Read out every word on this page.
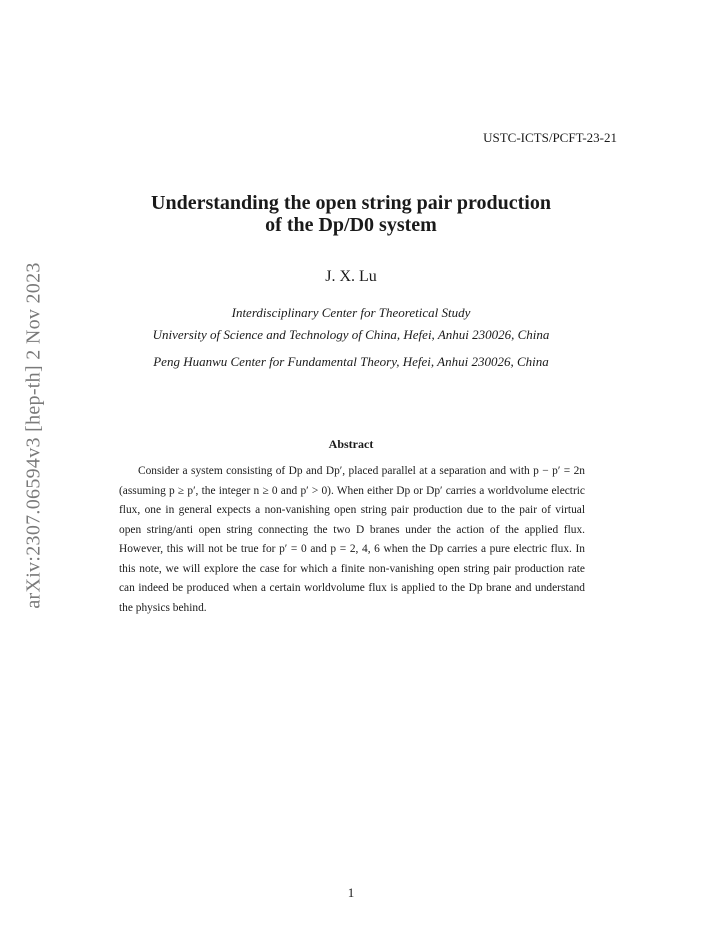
USTC-ICTS/PCFT-23-21
arXiv:2307.06594v3 [hep-th] 2 Nov 2023
Understanding the open string pair production
of the Dp/D0 system
J. X. Lu
Interdisciplinary Center for Theoretical Study
University of Science and Technology of China, Hefei, Anhui 230026, China
Peng Huanwu Center for Fundamental Theory, Hefei, Anhui 230026, China
Abstract
Consider a system consisting of Dp and Dp′, placed parallel at a separation and with p − p′ = 2n (assuming p ≥ p′, the integer n ≥ 0 and p′ > 0). When either Dp or Dp′ carries a worldvolume electric flux, one in general expects a non-vanishing open string pair production due to the pair of virtual open string/anti open string connecting the two D branes under the action of the applied flux. However, this will not be true for p′ = 0 and p = 2, 4, 6 when the Dp carries a pure electric flux. In this note, we will explore the case for which a finite non-vanishing open string pair production rate can indeed be produced when a certain worldvolume flux is applied to the Dp brane and understand the physics behind.
1
